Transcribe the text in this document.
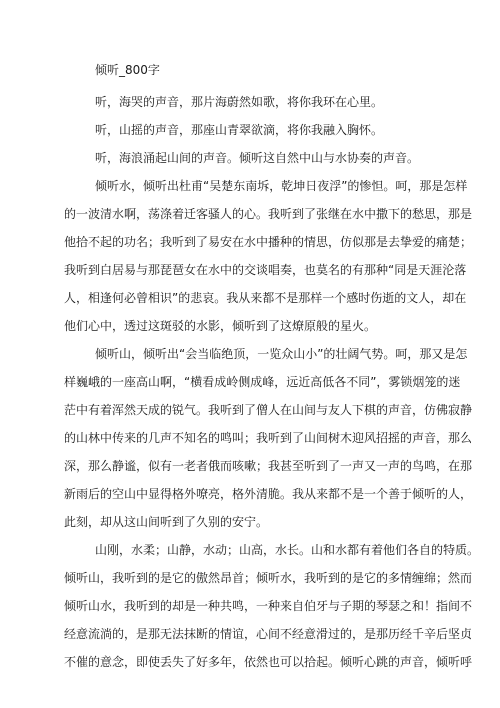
倾听_800字
听，海哭的声音，那片海蔚然如歌，将你我环在心里。
听，山摇的声音，那座山青翠欲滴，将你我融入胸怀。
听，海浪涌起山间的声音。倾听这自然中山与水协奏的声音。
倾听水，倾听出杜甫“吴楚东南坼，乾坤日夜浮”的惨怛。呵，那是怎样
的一波清水啊，荡涤着迁客骚人的心。我听到了张继在水中撒下的愁思，那是
他拾不起的功名；我听到了易安在水中播种的情思，仿似那是去挚爱的痛楚；
我听到白居易与那琵琶女在水中的交谈唱奏，也莫名的有那种“同是天涯沦落
人，相逢何必曾相识”的悲哀。我从来都不是那样一个感时伤逝的文人，却在
他们心中，透过这斑驳的水影，倾听到了这燎原般的星火。
倾听山，倾听出“会当临绝顶，一览众山小”的壮阔气势。呵，那又是怎
样巍峨的一座高山啊，“横看成岭侧成峰，远近高低各不同”，雾锁烟笼的迷
茫中有着浑然天成的锐气。我听到了僧人在山间与友人下棋的声音，仿佛寂静
的山林中传来的几声不知名的鸣叫；我听到了山间树木迎风招摇的声音，那么
深，那么静谧，似有一老者俄而咳嗽；我甚至听到了一声又一声的鸟鸣，在那
新雨后的空山中显得格外嘹亮，格外清脆。我从来都不是一个善于倾听的人，
此刻，却从这山间听到了久别的安宁。
山刚，水柔；山静，水动；山高，水长。山和水都有着他们各自的特质。
倾听山，我听到的是它的傲然昂首；倾听水，我听到的是它的多情缠绵；然而
倾听山水，我听到的却是一种共鸣，一种来自伯牙与子期的琴瑟之和！指间不
经意流淌的，是那无法抹断的情谊，心间不经意滑过的，是那历经千辛后坚贞
不催的意念，即使丢失了好多年，依然也可以拾起。倾听心跳的声音，倾听呼
